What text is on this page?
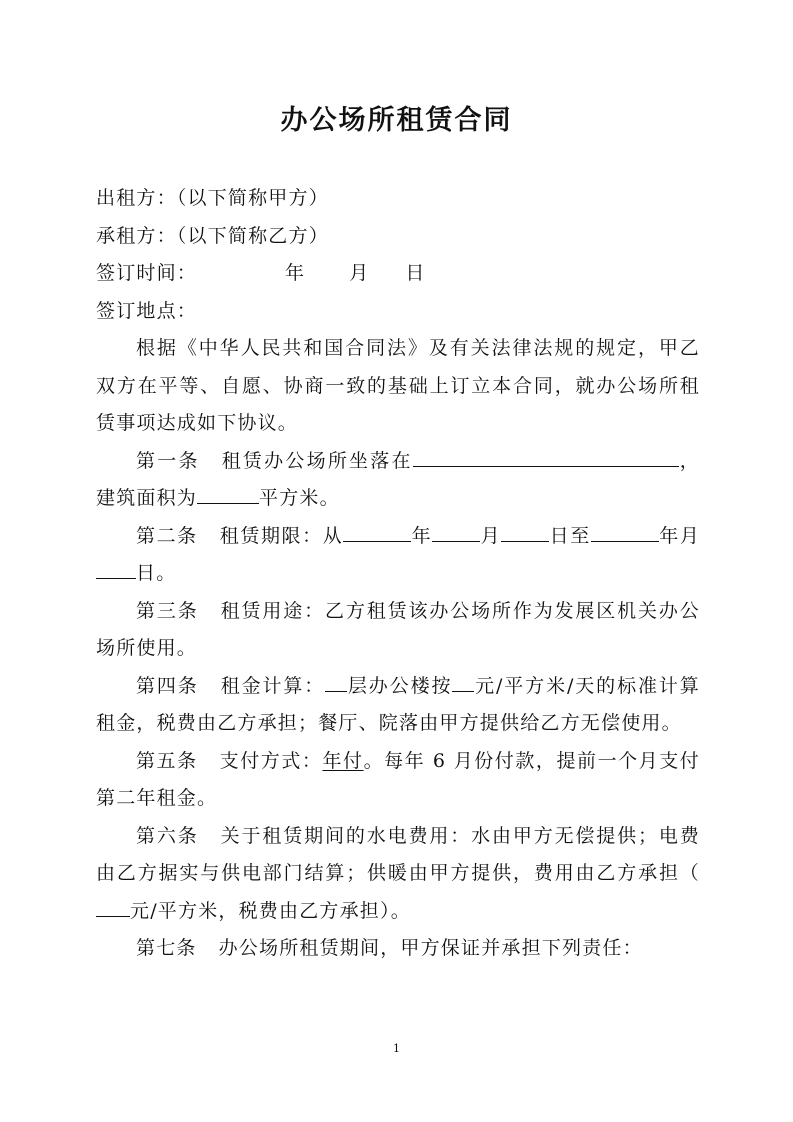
办公场所租赁合同

出租方：（以下简称甲方）

承租方：（以下简称乙方）

签订时间：	年 月 日

签订地点：

根据《中华人民共和国合同法》及有关法律法规的规定，甲乙双方在平等、自愿、协商一致的基础上订立本合同，就办公场所租赁事项达成如下协议。

第一条 租赁办公场所坐落在	，建筑面积为	平方米。

第二条 租赁期限：从	年	月	日至	年月日。

第三条 租赁用途：乙方租赁该办公场所作为发展区机关办公场所使用。

第四条 租金计算： 层办公楼按 元/平方米/天的标准计算租金，税费由乙方承担；餐厅、院落由甲方提供给乙方无偿使用。

第五条 支付方式：年付。每年 6 月份付款，提前一个月支付第二年租金。

第六条 关于租赁期间的水电费用：水由甲方无偿提供；电费由乙方据实与供电部门结算；供暖由甲方提供，费用由乙方承担（元/平方米，税费由乙方承担）。

第七条 办公场所租赁期间，甲方保证并承担下列责任：

1
